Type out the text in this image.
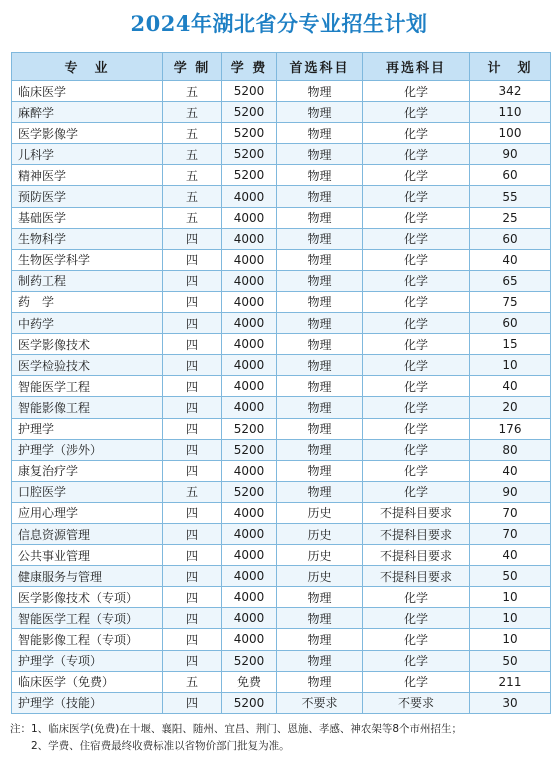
2024年湖北省分专业招生计划
专　业	学 制	学 费	首选科目	再选科目	计　划
临床医学	五	5200	物理	化学	342
麻醉学	五	5200	物理	化学	110
医学影像学	五	5200	物理	化学	100
儿科学	五	5200	物理	化学	90
精神医学	五	5200	物理	化学	60
预防医学	五	4000	物理	化学	55
基础医学	五	4000	物理	化学	25
生物科学	四	4000	物理	化学	60
生物医学科学	四	4000	物理	化学	40
制药工程	四	4000	物理	化学	65
药　学	四	4000	物理	化学	75
中药学	四	4000	物理	化学	60
医学影像技术	四	4000	物理	化学	15
医学检验技术	四	4000	物理	化学	10
智能医学工程	四	4000	物理	化学	40
智能影像工程	四	4000	物理	化学	20
护理学	四	5200	物理	化学	176
护理学（涉外）	四	5200	物理	化学	80
康复治疗学	四	4000	物理	化学	40
口腔医学	五	5200	物理	化学	90
应用心理学	四	4000	历史	不提科目要求	70
信息资源管理	四	4000	历史	不提科目要求	70
公共事业管理	四	4000	历史	不提科目要求	40
健康服务与管理	四	4000	历史	不提科目要求	50
医学影像技术（专项）	四	4000	物理	化学	10
智能医学工程（专项）	四	4000	物理	化学	10
智能影像工程（专项）	四	4000	物理	化学	10
护理学（专项）	四	5200	物理	化学	50
临床医学（免费）	五	免费	物理	化学	211
护理学（技能）	四	5200	不要求	不要求	30
注：1、临床医学(免费)在十堰、襄阳、随州、宜昌、荆门、恩施、孝感、神农架等8个市州招生；
2、学费、住宿费最终收费标准以省物价部门批复为准。
